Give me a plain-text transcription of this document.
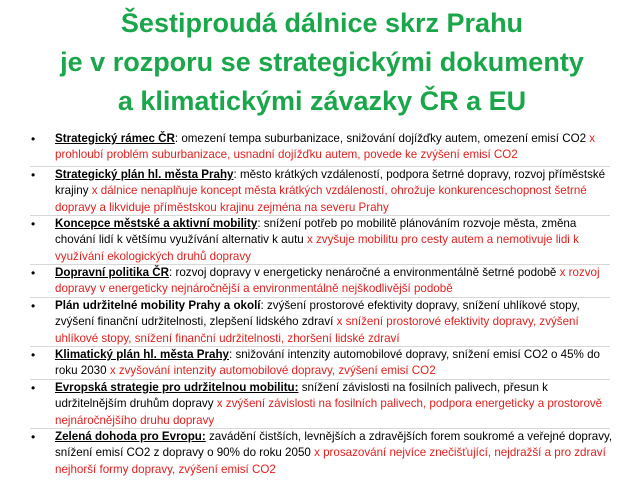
Šestiproudá dálnice skrz Prahu
je v rozporu se strategickými dokumenty
a klimatickými závazky ČR a EU
• Strategický rámec ČR: omezení tempa suburbanizace, snižování dojížďky autem, omezení emisí CO2 x prohloubí problém suburbanizace, usnadní dojížďku autem, povede ke zvýšení emisí CO2
• Strategický plán hl. města Prahy: město krátkých vzdáleností, podpora šetrné dopravy, rozvoj příměstské krajiny x dálnice nenaplňuje koncept města krátkých vzdáleností, ohrožuje konkurenceschopnost šetrné dopravy a likviduje příměstskou krajinu zejména na severu Prahy
• Koncepce městské a aktivní mobility: snížení potřeb po mobilitě plánováním rozvoje města, změna chování lidí k většímu využívání alternativ k autu x zvyšuje mobilitu pro cesty autem a nemotivuje lidi k využívání ekologických druhů dopravy
• Dopravní politika ČR: rozvoj dopravy v energeticky nenáročné a environmentálně šetrné podobě x rozvoj dopravy v energeticky nejnáročnější a environmentálně nejškodlivější podobě
• Plán udržitelné mobility Prahy a okolí: zvýšení prostorové efektivity dopravy, snížení uhlíkové stopy, zvýšení finanční udržitelnosti, zlepšení lidského zdraví x snížení prostorové efektivity dopravy, zvýšení uhlíkové stopy, snížení finanční udržitelnosti, zhoršení lidské zdraví
• Klimatický plán hl. města Prahy: snižování intenzity automobilové dopravy, snížení emisí CO2 o 45% do roku 2030 x zvyšování intenzity automobilové dopravy, zvýšení emisí CO2
• Evropská strategie pro udržitelnou mobilitu: snížení závislosti na fosilních palivech, přesun k udržitelnějším druhům dopravy x zvýšení závislosti na fosilních palivech, podpora energeticky a prostorově nejnáročnějšího druhu dopravy
• Zelená dohoda pro Evropu: zavádění čistších, levnějších a zdravějších forem soukromé a veřejné dopravy, snížení emisí CO2 z dopravy o 90% do roku 2050 x prosazování nejvíce znečišťující, nejdražší a pro zdraví nejhorší formy dopravy, zvýšení emisí CO2
